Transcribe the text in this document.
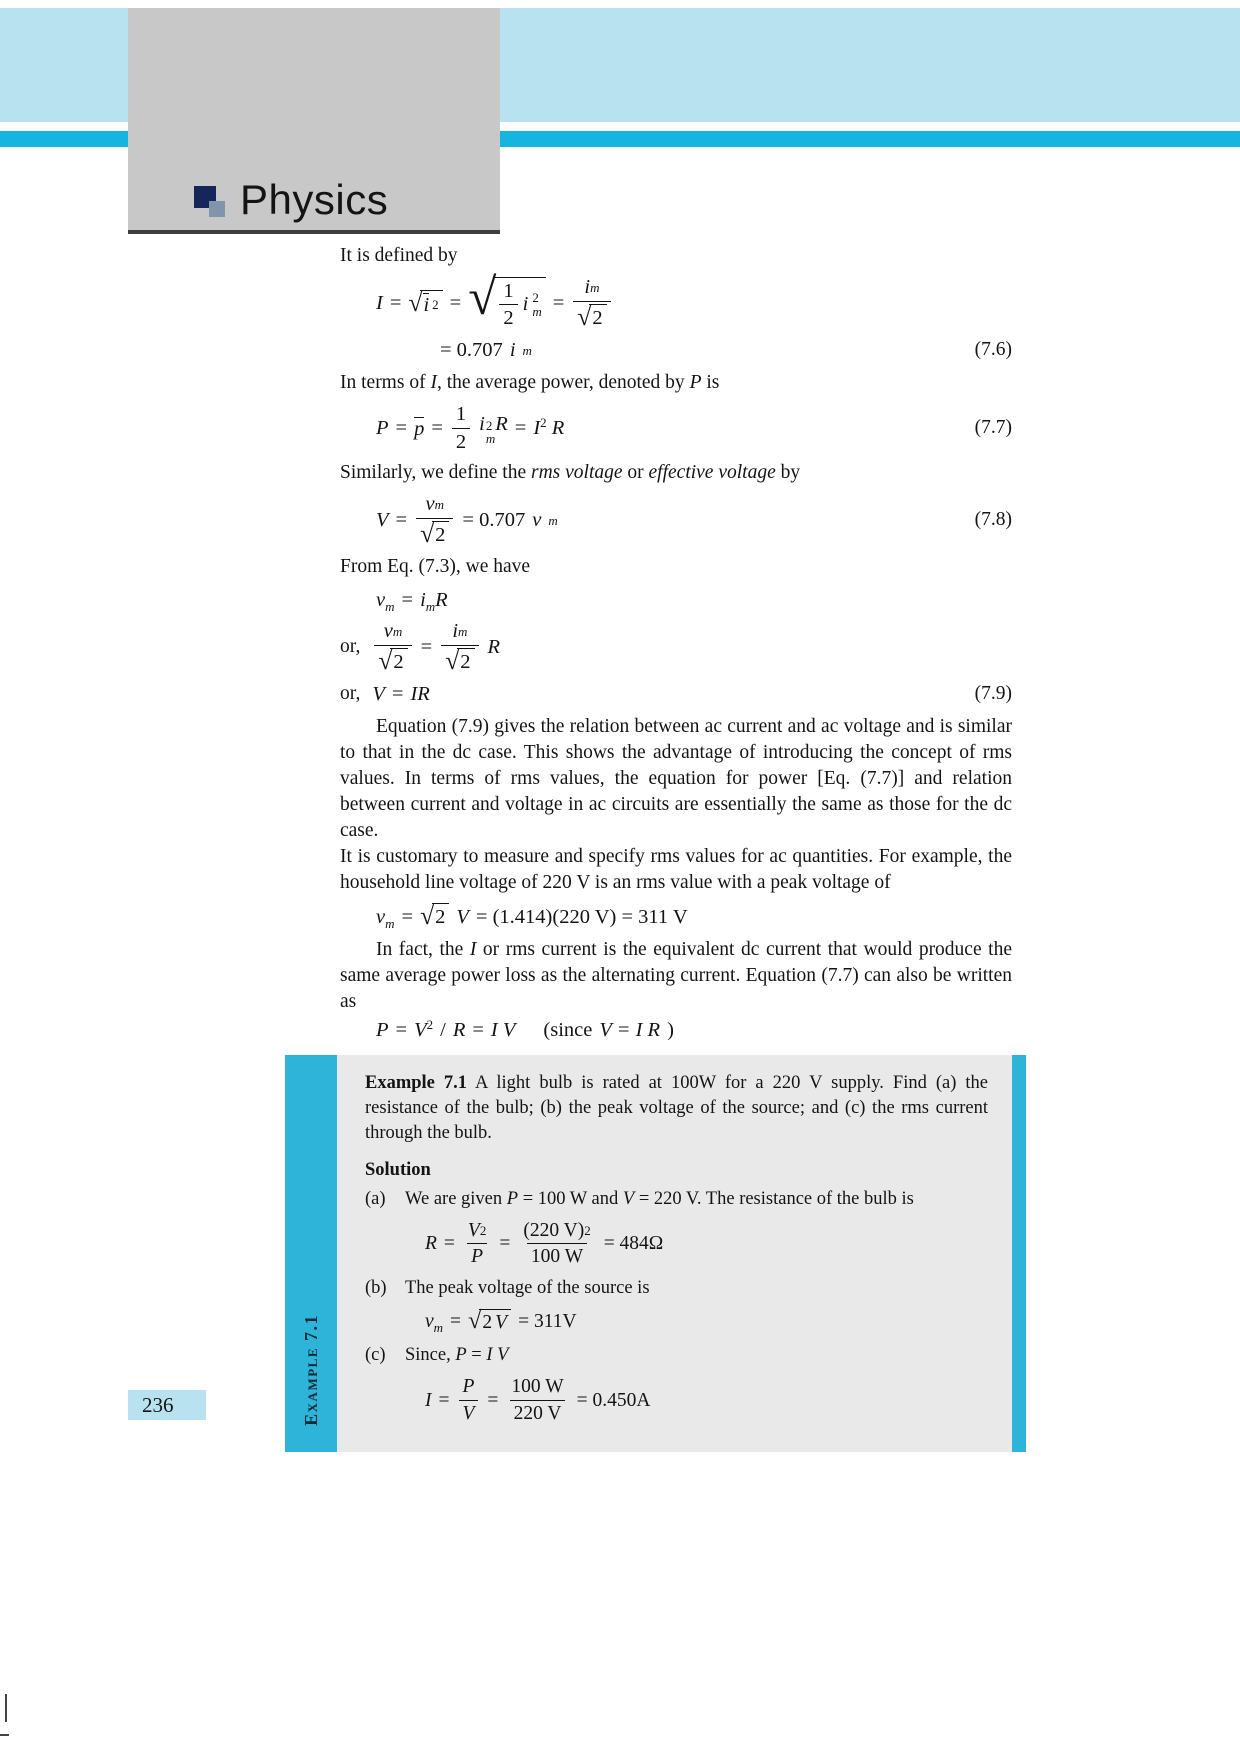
Physics

It is defined by

I = √ i 2 = √ $\frac{1}{2}$ i 2
$m = \frac{\text{i m}}{√ 2}$
= 0.707 i m	(7.6)

In terms of I, the average power, denoted by P is

$P = p = \frac{1}{2}$ i 2
m
$R = I^2$ R	(7.7)

Similarly, we define the rms voltage or effective voltage by

$V = \frac{\text{v m}}{√ 2} = 0.707$ v m	(7.8)

From Eq. (7.3), we have

$v_m = i_mR$
or, $\frac{\text{v m}}{√ 2} = \frac{\text{i m}}{√ 2}$ R
or, V = IR	(7.9)

Equation (7.9) gives the relation between ac current and ac voltage and is similar to that in the dc case. This shows the advantage of introducing the concept of rms values. In terms of rms values, the equation for power [Eq. (7.7)] and relation between current and voltage in ac circuits are essentially the same as those for the dc case.

It is customary to measure and specify rms values for ac quantities. For example, the household line voltage of 220 V is an rms value with a peak voltage of

$v_m$ = √ 2 V = (1.414)(220 V) = 311 V

In fact, the I or rms current is the equivalent dc current that would produce the same average power loss as the alternating current. Equation (7.7) can also be written as

$P = V^2 / R = I$ V (since V = I R )
Example 7.1

Example 7.1 A light bulb is rated at 100W for a 220 V supply. Find (a) the resistance of the bulb; (b) the peak voltage of the source; and (c) the rms current through the bulb.

Solution

(a)	We are given P = 100 W and V = 220 V. The resistance of the bulb is
$R = \frac{V 2}{P} = \frac{(220 V) 2}{100 W} = 484\Omega$
(b) The peak voltage of the source is
$v_m$ = √ 2 V = 311V
(c)	Since, P = I V
$I = \frac{P}{V} = \frac{100 W}{220 V} = 0.450A$
236
